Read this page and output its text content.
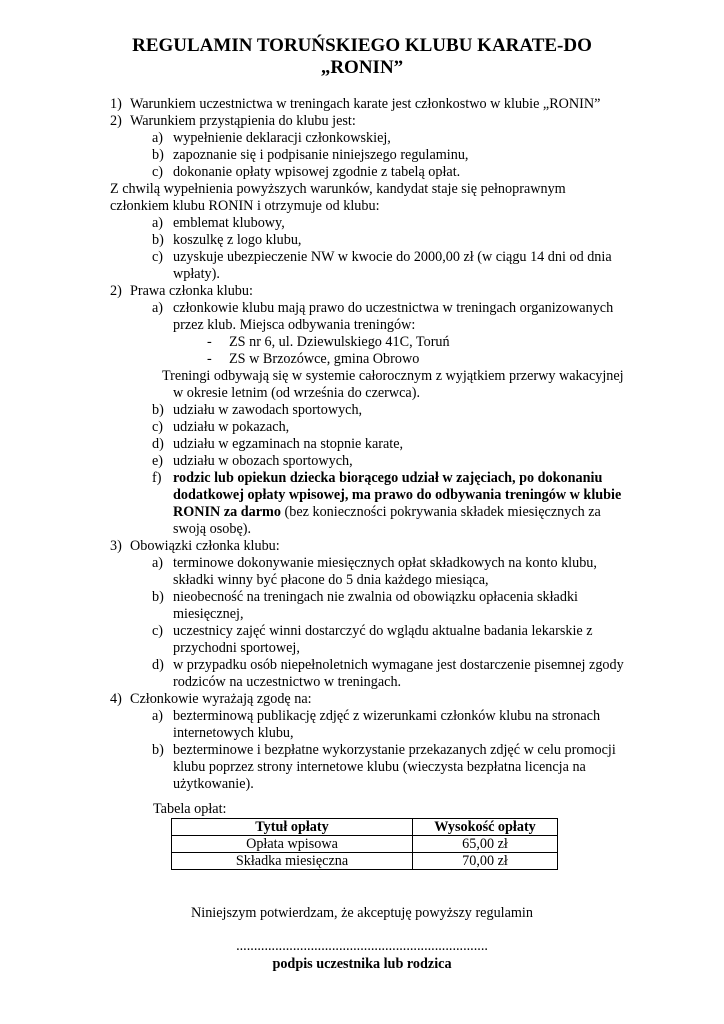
REGULAMIN TORUŃSKIEGO KLUBU KARATE-DO
„RONIN”
1) Warunkiem uczestnictwa w treningach karate jest członkostwo w klubie „RONIN”
2) Warunkiem przystąpienia do klubu jest:
a) wypełnienie deklaracji członkowskiej,
b) zapoznanie się i podpisanie niniejszego regulaminu,
c) dokonanie opłaty wpisowej zgodnie z tabelą opłat.
Z chwilą wypełnienia powyższych warunków, kandydat staje się pełnoprawnym
członkiem klubu RONIN i otrzymuje od klubu:
a) emblemat klubowy,
b) koszulkę z logo klubu,
c) uzyskuje ubezpieczenie NW w kwocie do 2000,00 zł (w ciągu 14 dni od dnia
wpłaty).
2) Prawa członka klubu:
a) członkowie klubu mają prawo do uczestnictwa w treningach organizowanych
przez klub. Miejsca odbywania treningów:
- ZS nr 6, ul. Dziewulskiego 41C, Toruń
- ZS w Brzozówce, gmina Obrowo
Treningi odbywają się w systemie całorocznym z wyjątkiem przerwy wakacyjnej
w okresie letnim (od września do czerwca).
b) udziału w zawodach sportowych,
c) udziału w pokazach,
d) udziału w egzaminach na stopnie karate,
e) udziału w obozach sportowych,
f) rodzic lub opiekun dziecka biorącego udział w zajęciach, po dokonaniu
dodatkowej opłaty wpisowej, ma prawo do odbywania treningów w klubie
RONIN za darmo (bez konieczności pokrywania składek miesięcznych za
swoją osobę).
3) Obowiązki członka klubu:
a) terminowe dokonywanie miesięcznych opłat składkowych na konto klubu,
składki winny być płacone do 5 dnia każdego miesiąca,
b) nieobecność na treningach nie zwalnia od obowiązku opłacenia składki
miesięcznej,
c) uczestnicy zajęć winni dostarczyć do wglądu aktualne badania lekarskie z
przychodni sportowej,
d) w przypadku osób niepełnoletnich wymagane jest dostarczenie pisemnej zgody
rodziców na uczestnictwo w treningach.
4) Członkowie wyrażają zgodę na:
a) bezterminową publikację zdjęć z wizerunkami członków klubu na stronach
internetowych klubu,
b) bezterminowe i bezpłatne wykorzystanie przekazanych zdjęć w celu promocji
klubu poprzez strony internetowe klubu (wieczysta bezpłatna licencja na
użytkowanie).
Tabela opłat:
Tytuł opłaty	Wysokość opłaty
Opłata wpisowa	65,00 zł
Składka miesięczna	70,00 zł
Niniejszym potwierdzam, że akceptuję powyższy regulamin
.......................................................................
podpis uczestnika lub rodzica
